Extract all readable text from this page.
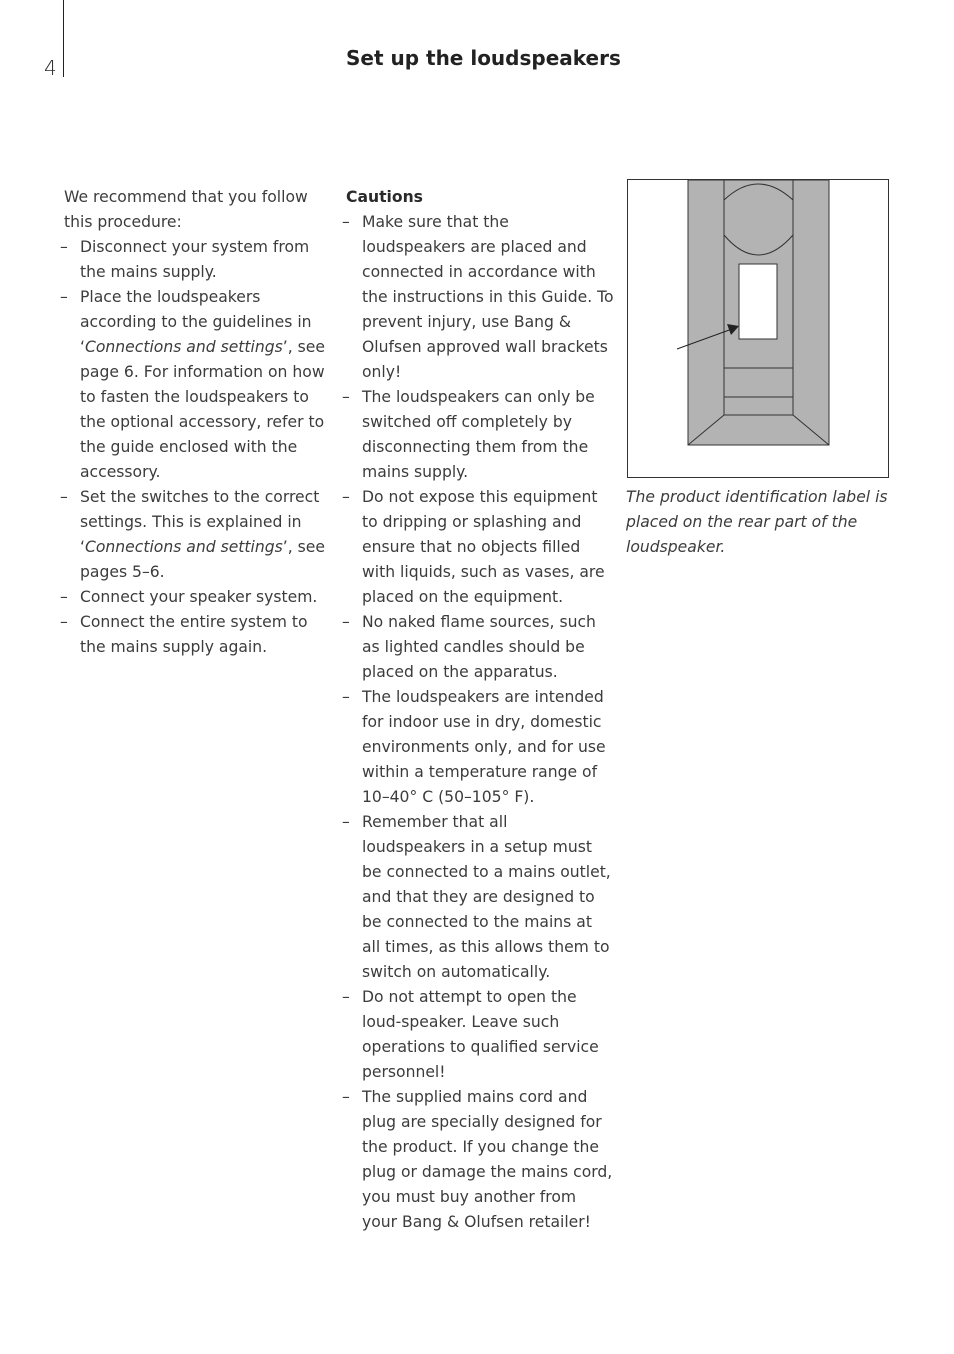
4	Set up the loudspeakers

We recommend that you follow this procedure:

– Disconnect your system from the mains supply.
– Place the loudspeakers according to the guidelines in ‘Connections and settings’, see page 6. For information on how to fasten the loudspeakers to the optional accessory, refer to the guide enclosed with the accessory.
– Set the switches to the correct settings. This is explained in ‘Connections and settings’, see pages 5–6.
– Connect your speaker system.
– Connect the entire system to the mains supply again.

Cautions

– Make sure that the loudspeakers are placed and connected in accordance with the instructions in this Guide. To prevent injury, use Bang & Olufsen approved wall brackets only!
– The loudspeakers can only be switched off completely by disconnecting them from the mains supply.
– Do not expose this equipment to dripping or splashing and ensure that no objects filled with liquids, such as vases, are placed on the equipment.
– No naked flame sources, such as lighted candles should be placed on the apparatus.
– The loudspeakers are intended for indoor use in dry, domestic environments only, and for use within a temperature range of 10–40° C (50–105° F).
– Remember that all loudspeakers in a setup must be connected to a mains outlet, and that they are designed to be connected to the mains at all times, as this allows them to switch on automatically.
– Do not attempt to open the loud-speaker. Leave such operations to qualified service personnel!
– The supplied mains cord and plug are specially designed for the product. If you change the plug or damage the mains cord, you must buy another from your Bang & Olufsen retailer!
The product identification label is placed on the rear part of the loudspeaker.
